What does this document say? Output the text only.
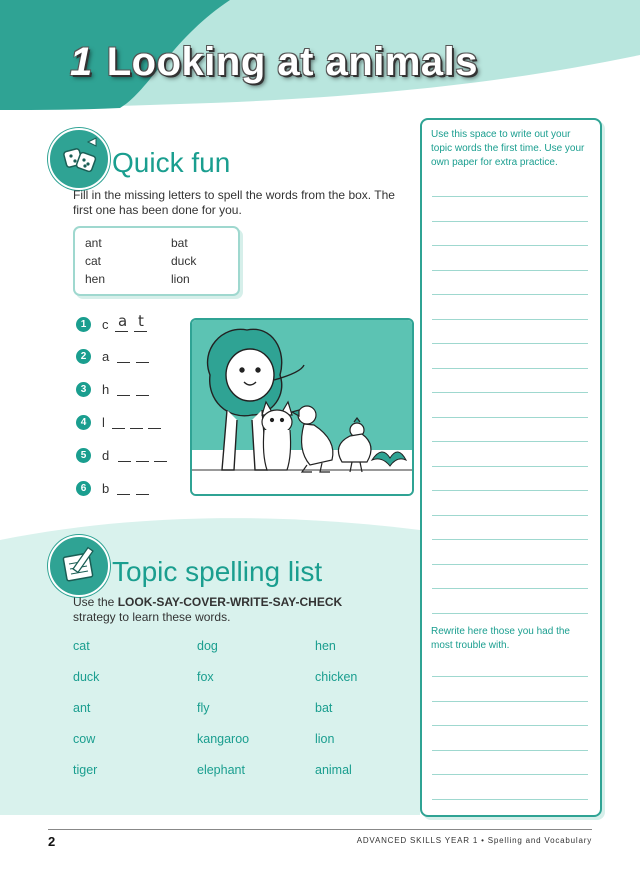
1 Looking at animals
Quick fun
Fill in the missing letters to spell the words from the box. The first one has been done for you.
ant	bat
cat	duck
hen	lion
1	c a t
2	a
3	h
4	l
5	d
6	b
Topic spelling list
Use the LOOK-SAY-COVER-WRITE-SAY-CHECK strategy to learn these words.
cat	dog	hen
duck	fox	chicken
ant	fly	bat
cow	kangaroo	lion
tiger	elephant	animal
Use this space to write out your topic words the first time. Use your own paper for extra practice.
Rewrite here those you had the most trouble with.
2	ADVANCED SKILLS YEAR 1 • Spelling and Vocabulary
